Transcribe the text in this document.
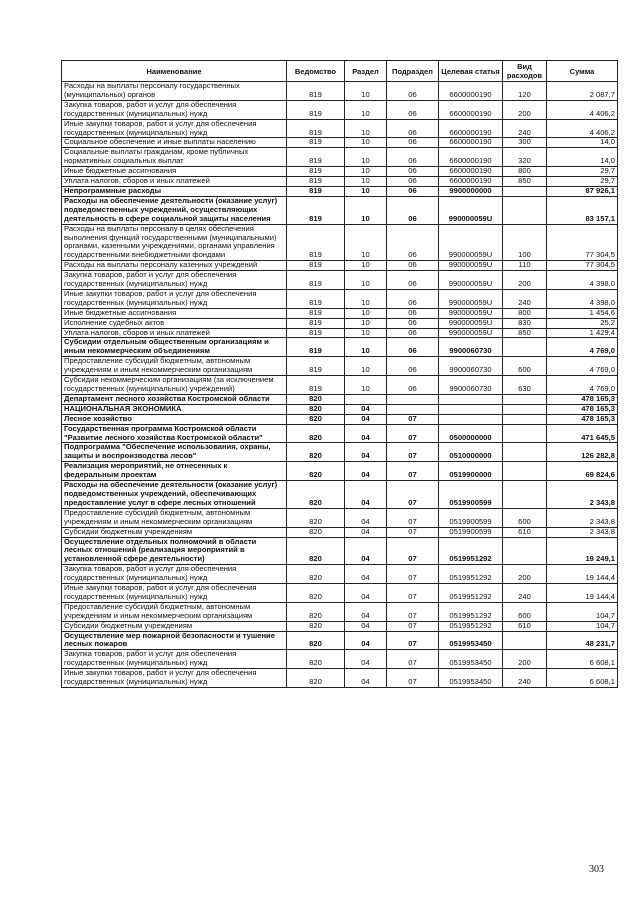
Наименование	Ведомство	Раздел	Подраздел	Целевая статья	Вид расходов	Сумма
Расходы на выплаты персоналу государственных (муниципальных) органов	819	10	06	6600000190	120	2 087,7
Закупка товаров, работ и услуг для обеспечения государственных (муниципальных) нужд	819	10	06	6600000190	200	4 406,2
Иные закупки товаров, работ и услуг для обеспечения государственных (муниципальных) нужд	819	10	06	6600000190	240	4 406,2
Социальное обеспечение и иные выплаты населению	819	10	06	6600000190	300	14,0
Социальные выплаты гражданам, кроме публичных нормативных социальных выплат	819	10	06	6600000190	320	14,0
Иные бюджетные ассигнования	819	10	06	6600000190	800	29,7
Уплата налогов, сборов и иных платежей	819	10	06	6600000190	850	29,7
Непрограммные расходы	819	10	06	9900000000		87 926,1
Расходы на обеспечение деятельности (оказание услуг) подведомственных учреждений, осуществляющих деятельность в сфере социальной защиты населения	819	10	06	990000059U		83 157,1
Расходы на выплаты персоналу в целях обеспечения выполнения функций государственными (муниципальными) органами, казенными учреждениями, органами управления государственными внебюджетными фондами	819	10	06	990000059U	100	77 304,5
Расходы на выплаты персоналу казенных учреждений	819	10	06	990000059U	110	77 304,5
Закупка товаров, работ и услуг для обеспечения государственных (муниципальных) нужд	819	10	06	990000059U	200	4 398,0
Иные закупки товаров, работ и услуг для обеспечения государственных (муниципальных) нужд	819	10	06	990000059U	240	4 398,0
Иные бюджетные ассигнования	819	10	06	990000059U	800	1 454,6
Исполнение судебных актов	819	10	06	990000059U	830	25,2
Уплата налогов, сборов и иных платежей	819	10	06	990000059U	850	1 429,4
Субсидии отдельным общественным организациям и иным некоммерческим объединениям	819	10	06	9900060730		4 769,0
Предоставление субсидий бюджетным, автономным учреждениям и иным некоммерческим организациям	819	10	06	9900060730	600	4 769,0
Субсидии некоммерческим организациям (за исключением государственных (муниципальных) учреждений)	819	10	06	9900060730	630	4 769,0
Департамент лесного хозяйства Костромской области	820					478 165,3
НАЦИОНАЛЬНАЯ ЭКОНОМИКА	820	04				478 165,3
Лесное хозяйство	820	04	07			478 165,3
Государственная программа Костромской области "Развитие лесного хозяйства Костромской области"	820	04	07	0500000000		471 645,5
Подпрограмма "Обеспечение использования, охраны, защиты и воспроизводства лесов"	820	04	07	0510000000		126 282,8
Реализация мероприятий, не отнесенных к федеральным проектам	820	04	07	0519900000		69 824,6
Расходы на обеспечение деятельности (оказание услуг) подведомственных учреждений, обеспечивающих предоставление услуг в сфере лесных отношений	820	04	07	0519900599		2 343,8
Предоставление субсидий бюджетным, автономным учреждениям и иным некоммерческим организациям	820	04	07	0519900599	600	2 343,8
Субсидии бюджетным учреждениям	820	04	07	0519900599	610	2 343,8
Осуществление отдельных полномочий в области лесных отношений (реализация мероприятий в установленной сфере деятельности)	820	04	07	0519951292		19 249,1
Закупка товаров, работ и услуг для обеспечения государственных (муниципальных) нужд	820	04	07	0519951292	200	19 144,4
Иные закупки товаров, работ и услуг для обеспечения государственных (муниципальных) нужд	820	04	07	0519951292	240	19 144,4
Предоставление субсидий бюджетным, автономным учреждениям и иным некоммерческим организациям	820	04	07	0519951292	600	104,7
Субсидии бюджетным учреждениям	820	04	07	0519951292	610	104,7
Осуществление мер пожарной безопасности и тушение лесных пожаров	820	04	07	0519953450		48 231,7
Закупка товаров, работ и услуг для обеспечения государственных (муниципальных) нужд	820	04	07	0519953450	200	6 608,1
Иные закупки товаров, работ и услуг для обеспечения государственных (муниципальных) нужд	820	04	07	0519953450	240	6 608,1
303
